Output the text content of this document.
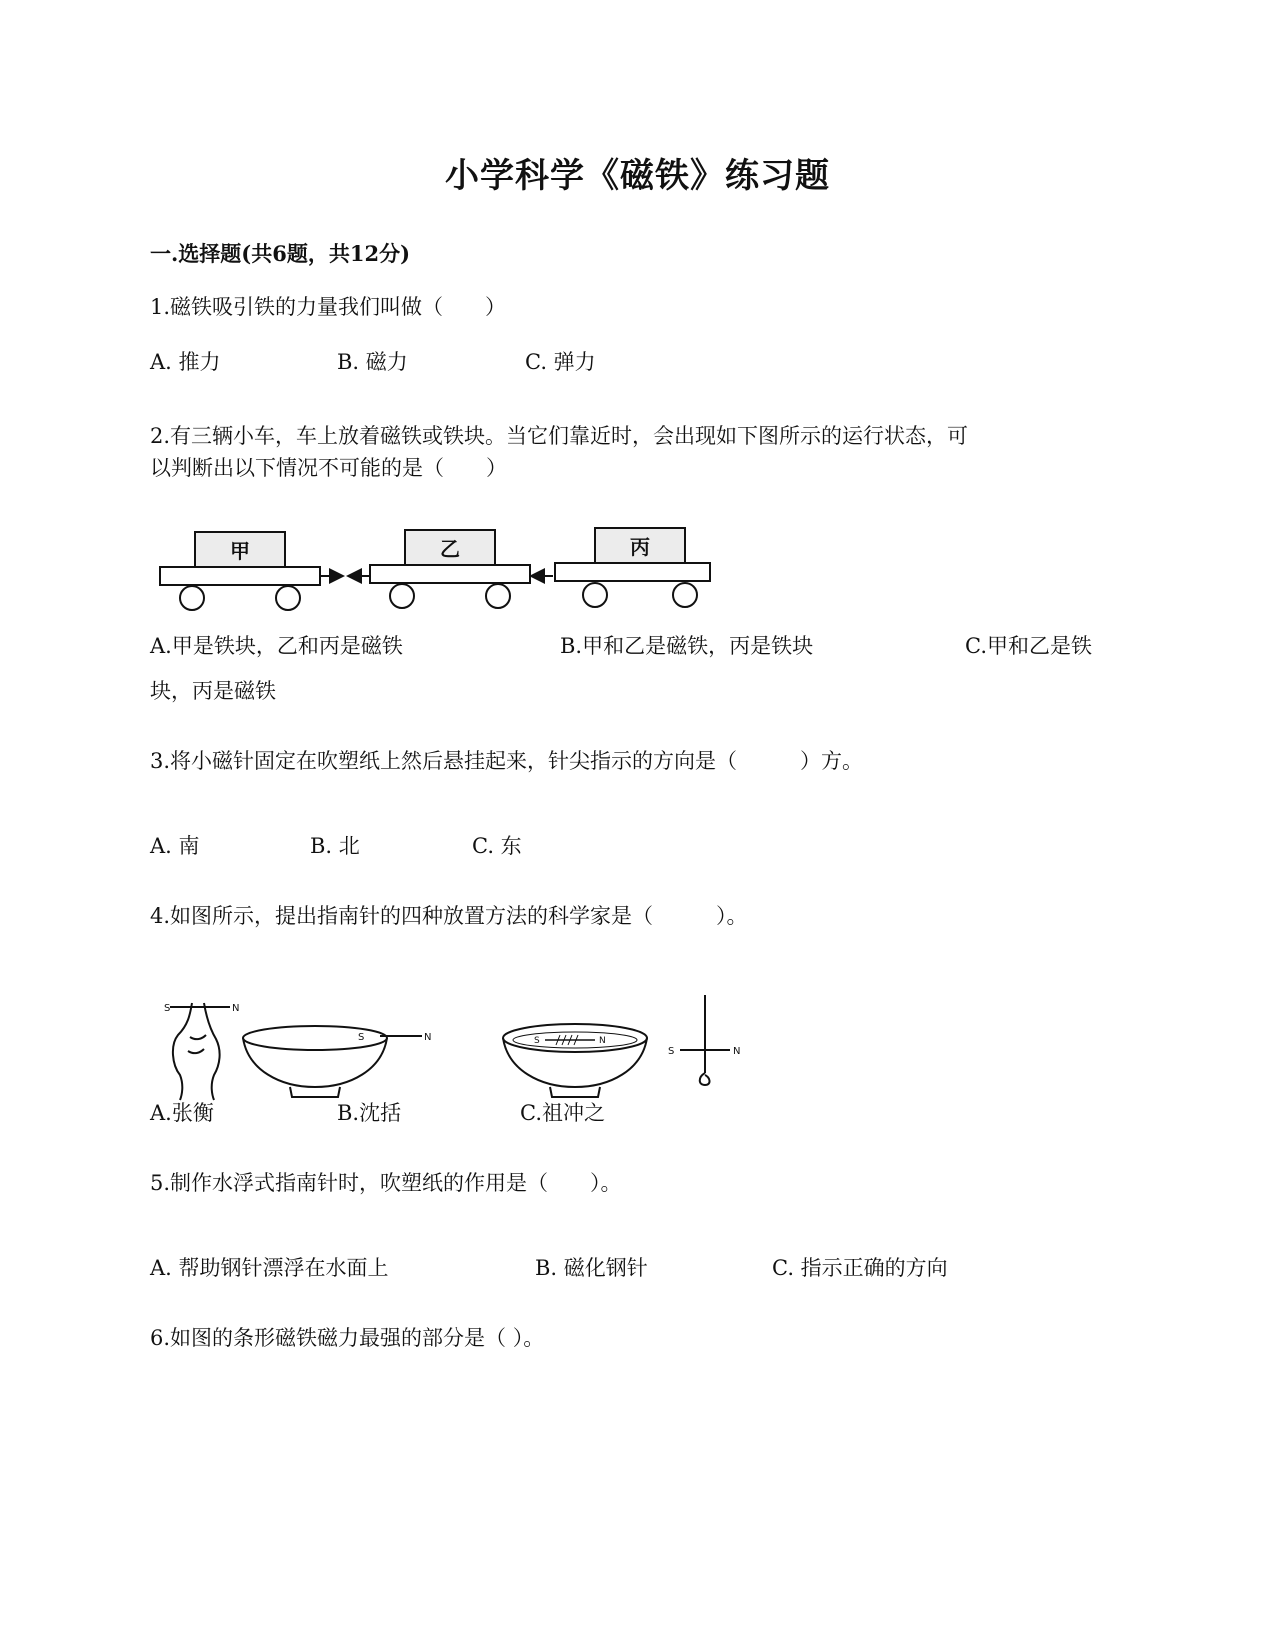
小学科学《磁铁》练习题
一.选择题(共6题，共12分)
1.磁铁吸引铁的力量我们叫做（　　）
A. 推力	B. 磁力	C. 弹力
2.有三辆小车，车上放着磁铁或铁块。当它们靠近时，会出现如下图所示的运行状态，可
以判断出以下情况不可能的是（　　）
甲	乙	丙
A.甲是铁块，乙和丙是磁铁	B.甲和乙是磁铁，丙是铁块	C.甲和乙是铁
块，丙是磁铁
3.将小磁针固定在吹塑纸上然后悬挂起来，针尖指示的方向是（　　　）方。
A. 南	B. 北	C. 东
4.如图所示，提出指南针的四种放置方法的科学家是（　　　）。
S	N
S	N	S	N
S	N
A.张衡	B.沈括	C.祖冲之
5.制作水浮式指南针时，吹塑纸的作用是（　　）。
A. 帮助钢针漂浮在水面上	B. 磁化钢针	C. 指示正确的方向
6.如图的条形磁铁磁力最强的部分是（ ）。
